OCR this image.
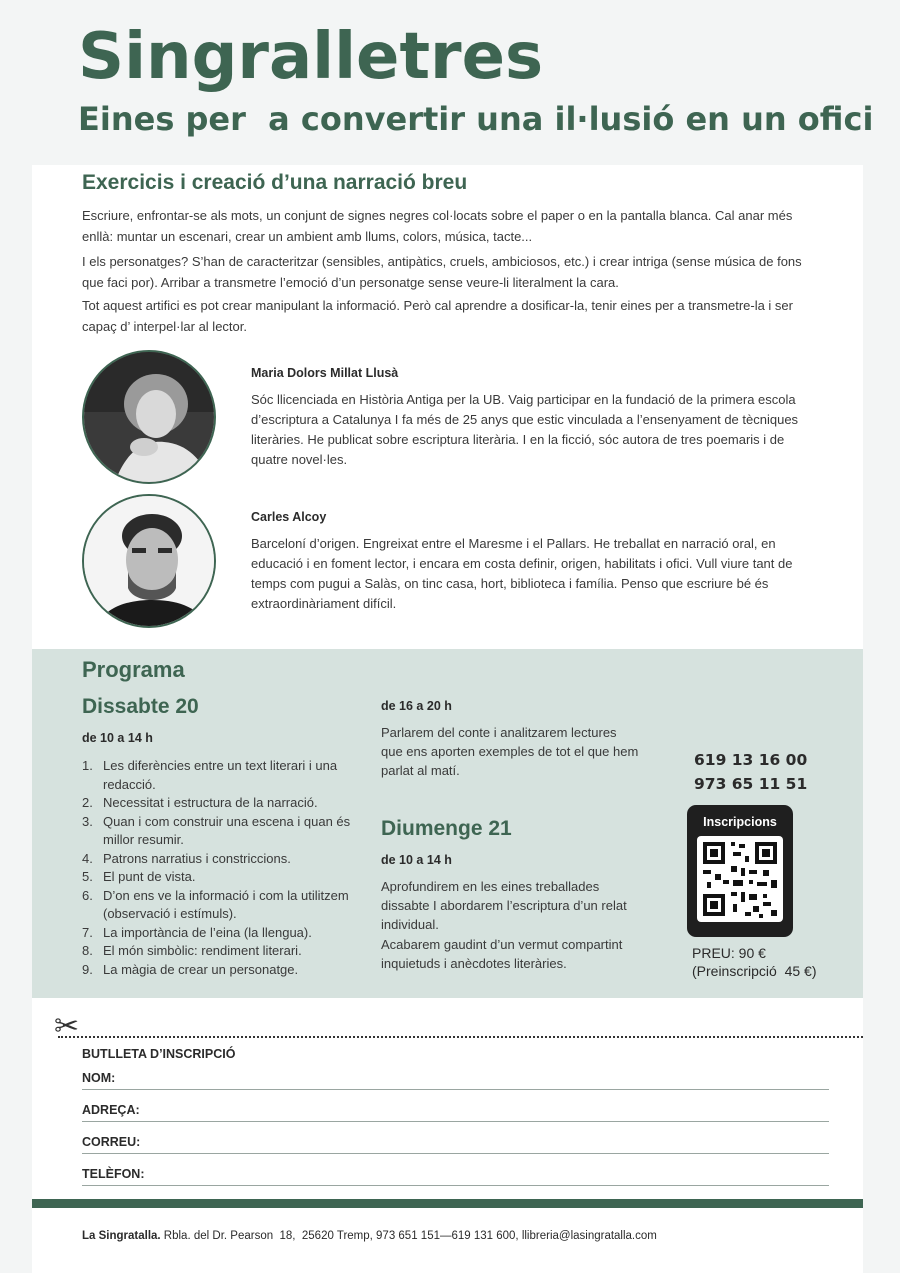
Singralletres
Eines per  a convertir una il·lusió en un ofici
Exercicis i creació d’una narració breu

Escriure, enfrontar-se als mots, un conjunt de signes negres col·locats sobre el paper o en la pantalla blanca. Cal anar més enllà: muntar un escenari, crear un ambient amb llums, colors, música, tacte...

I els personatges? S’han de caracteritzar (sensibles, antipàtics, cruels, ambiciosos, etc.) i crear intriga (sense música de fons que faci por). Arribar a transmetre l’emoció d’un personatge sense veure-li literalment la cara.

Tot aquest artifici es pot crear manipulant la informació. Però cal aprendre a dosificar-la, tenir eines per a transmetre-la i ser capaç d’ interpel·lar al lector.

Maria Dolors Millat Llusà

Sóc llicenciada en Història Antiga per la UB. Vaig participar en la fundació de la primera escola d’escriptura a Catalunya I fa més de 25 anys que estic vinculada a l’ensenyament de tècniques literàries. He publicat sobre escriptura literària. I en la ficció, sóc autora de tres poemaris i de quatre novel·les.

Carles Alcoy

Barceloní d’origen. Engreixat entre el Maresme i el Pallars. He treballat en narració oral, en educació i en foment lector, i encara em costa definir, origen, habilitats i ofici. Vull viure tant de temps com pugui a Salàs, on tinc casa, hort, biblioteca i família. Penso que escriure bé és extraordinàriament difícil.

Programa
Dissabte 20
de 10 a 14 h
1. Les diferències entre un text literari i una redacció.
2. Necessitat i estructura de la narració.
3. Quan i com construir una escena i quan és millor resumir.
4. Patrons narratius i constriccions.
5. El punt de vista.
6. D’on ens ve la informació i com la utilitzem (observació i estímuls).
7. La importància de l’eina (la llengua).
8. El món simbòlic: rendiment literari.
9. La màgia de crear un personatge.
de 16 a 20 h

Parlarem del conte i analitzarem lectures que ens aporten exemples de tot el que hem parlat al matí.

Diumenge 21
de 10 a 14 h

Aprofundirem en les eines treballades dissabte I abordarem l’escriptura d’un relat individual.

Acabarem gaudint d’un vermut compartint inquietuds i anècdotes literàries.

619 13 16 00
973 65 11 51
Inscripcions
PREU: 90 €
(Preinscripció  45 €)
BUTLLETA D’INSCRIPCIÓ
NOM:
ADREÇA:
CORREU:
TELÈFON:
La Singratalla. Rbla. del Dr. Pearson  18,  25620 Tremp, 973 651 151—619 131 600, llibreria@lasingratalla.com
✂
